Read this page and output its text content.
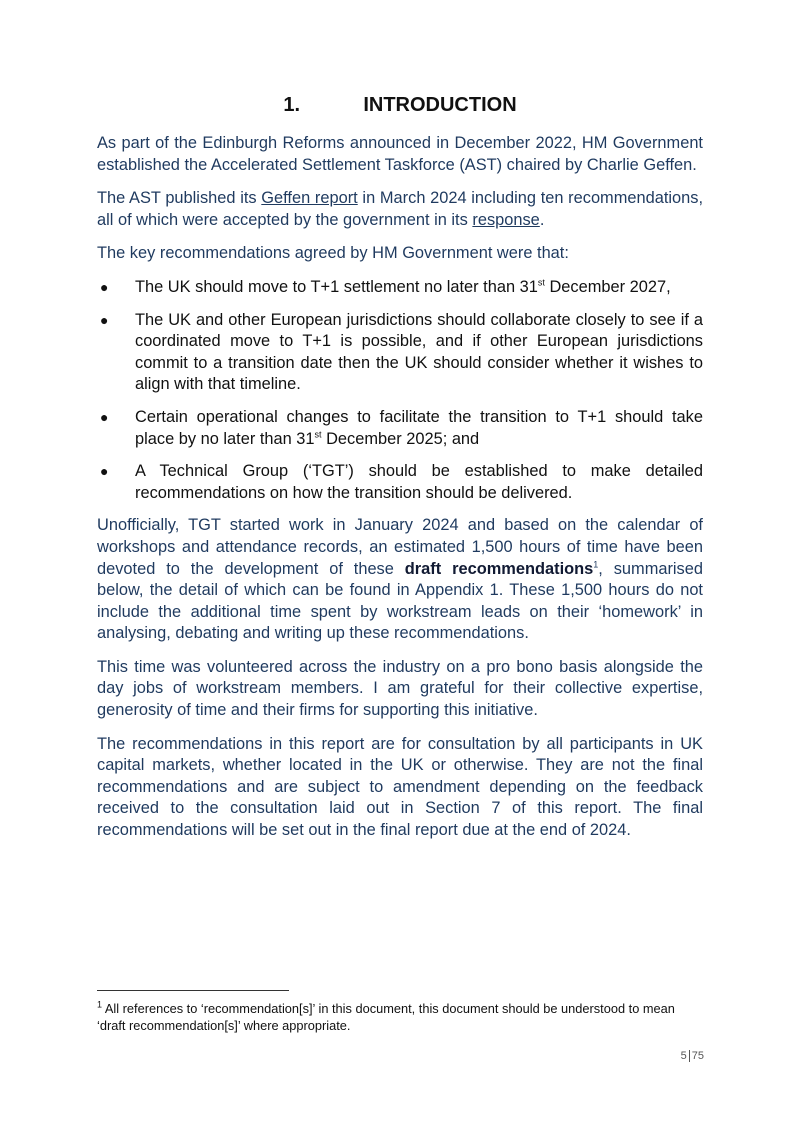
1.	INTRODUCTION

As part of the Edinburgh Reforms announced in December 2022, HM Government established the Accelerated Settlement Taskforce (AST) chaired by Charlie Geffen.

The AST published its Geffen report in March 2024 including ten recommendations, all of which were accepted by the government in its response.

The key recommendations agreed by HM Government were that:

● The UK should move to T+1 settlement no later than 31st December 2027,
● The UK and other European jurisdictions should collaborate closely to see if a coordinated move to T+1 is possible, and if other European jurisdictions commit to a transition date then the UK should consider whether it wishes to align with that timeline.
● Certain operational changes to facilitate the transition to T+1 should take place by no later than 31st December 2025; and
● A Technical Group (‘TGT’) should be established to make detailed recommendations on how the transition should be delivered.

Unofficially, TGT started work in January 2024 and based on the calendar of workshops and attendance records, an estimated 1,500 hours of time have been devoted to the development of these draft recommendations$^1$, summarised below, the detail of which can be found in Appendix 1. These 1,500 hours do not include the additional time spent by workstream leads on their ‘homework’ in analysing, debating and writing up these recommendations.

This time was volunteered across the industry on a pro bono basis alongside the day jobs of workstream members. I am grateful for their collective expertise, generosity of time and their firms for supporting this initiative.

The recommendations in this report are for consultation by all participants in UK capital markets, whether located in the UK or otherwise. They are not the final recommendations and are subject to amendment depending on the feedback received to the consultation laid out in Section 7 of this report. The final recommendations will be set out in the final report due at the end of 2024.

$^1$ All references to ‘recommendation[s]’ in this document, this document should be understood to mean ‘draft recommendation[s]’ where appropriate.
5 75
